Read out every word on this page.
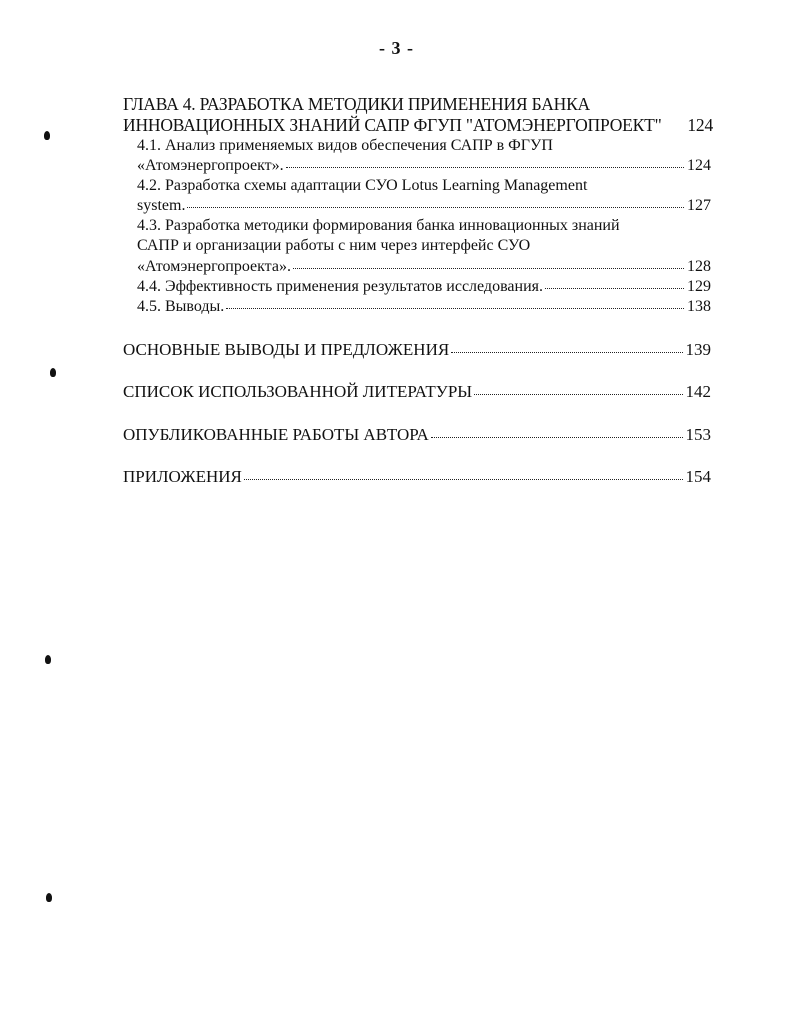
- 3 -
ГЛАВА 4. РАЗРАБОТКА МЕТОДИКИ ПРИМЕНЕНИЯ БАНКА
ИННОВАЦИОННЫХ ЗНАНИЙ САПР ФГУП "АТОМЭНЕРГОПРОЕКТ" 124
4.1. Анализ применяемых видов обеспечения САПР в ФГУП
«Атомэнергопроект».	124
4.2. Разработка схемы адаптации СУО Lotus Learning Management
system.	127
4.3. Разработка методики формирования банка инновационных знаний
САПР и организации работы с ним через интерфейс СУО
«Атомэнергопроекта».	128
4.4. Эффективность применения результатов исследования.	129
4.5. Выводы.	138
ОСНОВНЫЕ ВЫВОДЫ И ПРЕДЛОЖЕНИЯ	139
СПИСОК ИСПОЛЬЗОВАННОЙ ЛИТЕРАТУРЫ	142
ОПУБЛИКОВАННЫЕ РАБОТЫ АВТОРА	153
ПРИЛОЖЕНИЯ	154
